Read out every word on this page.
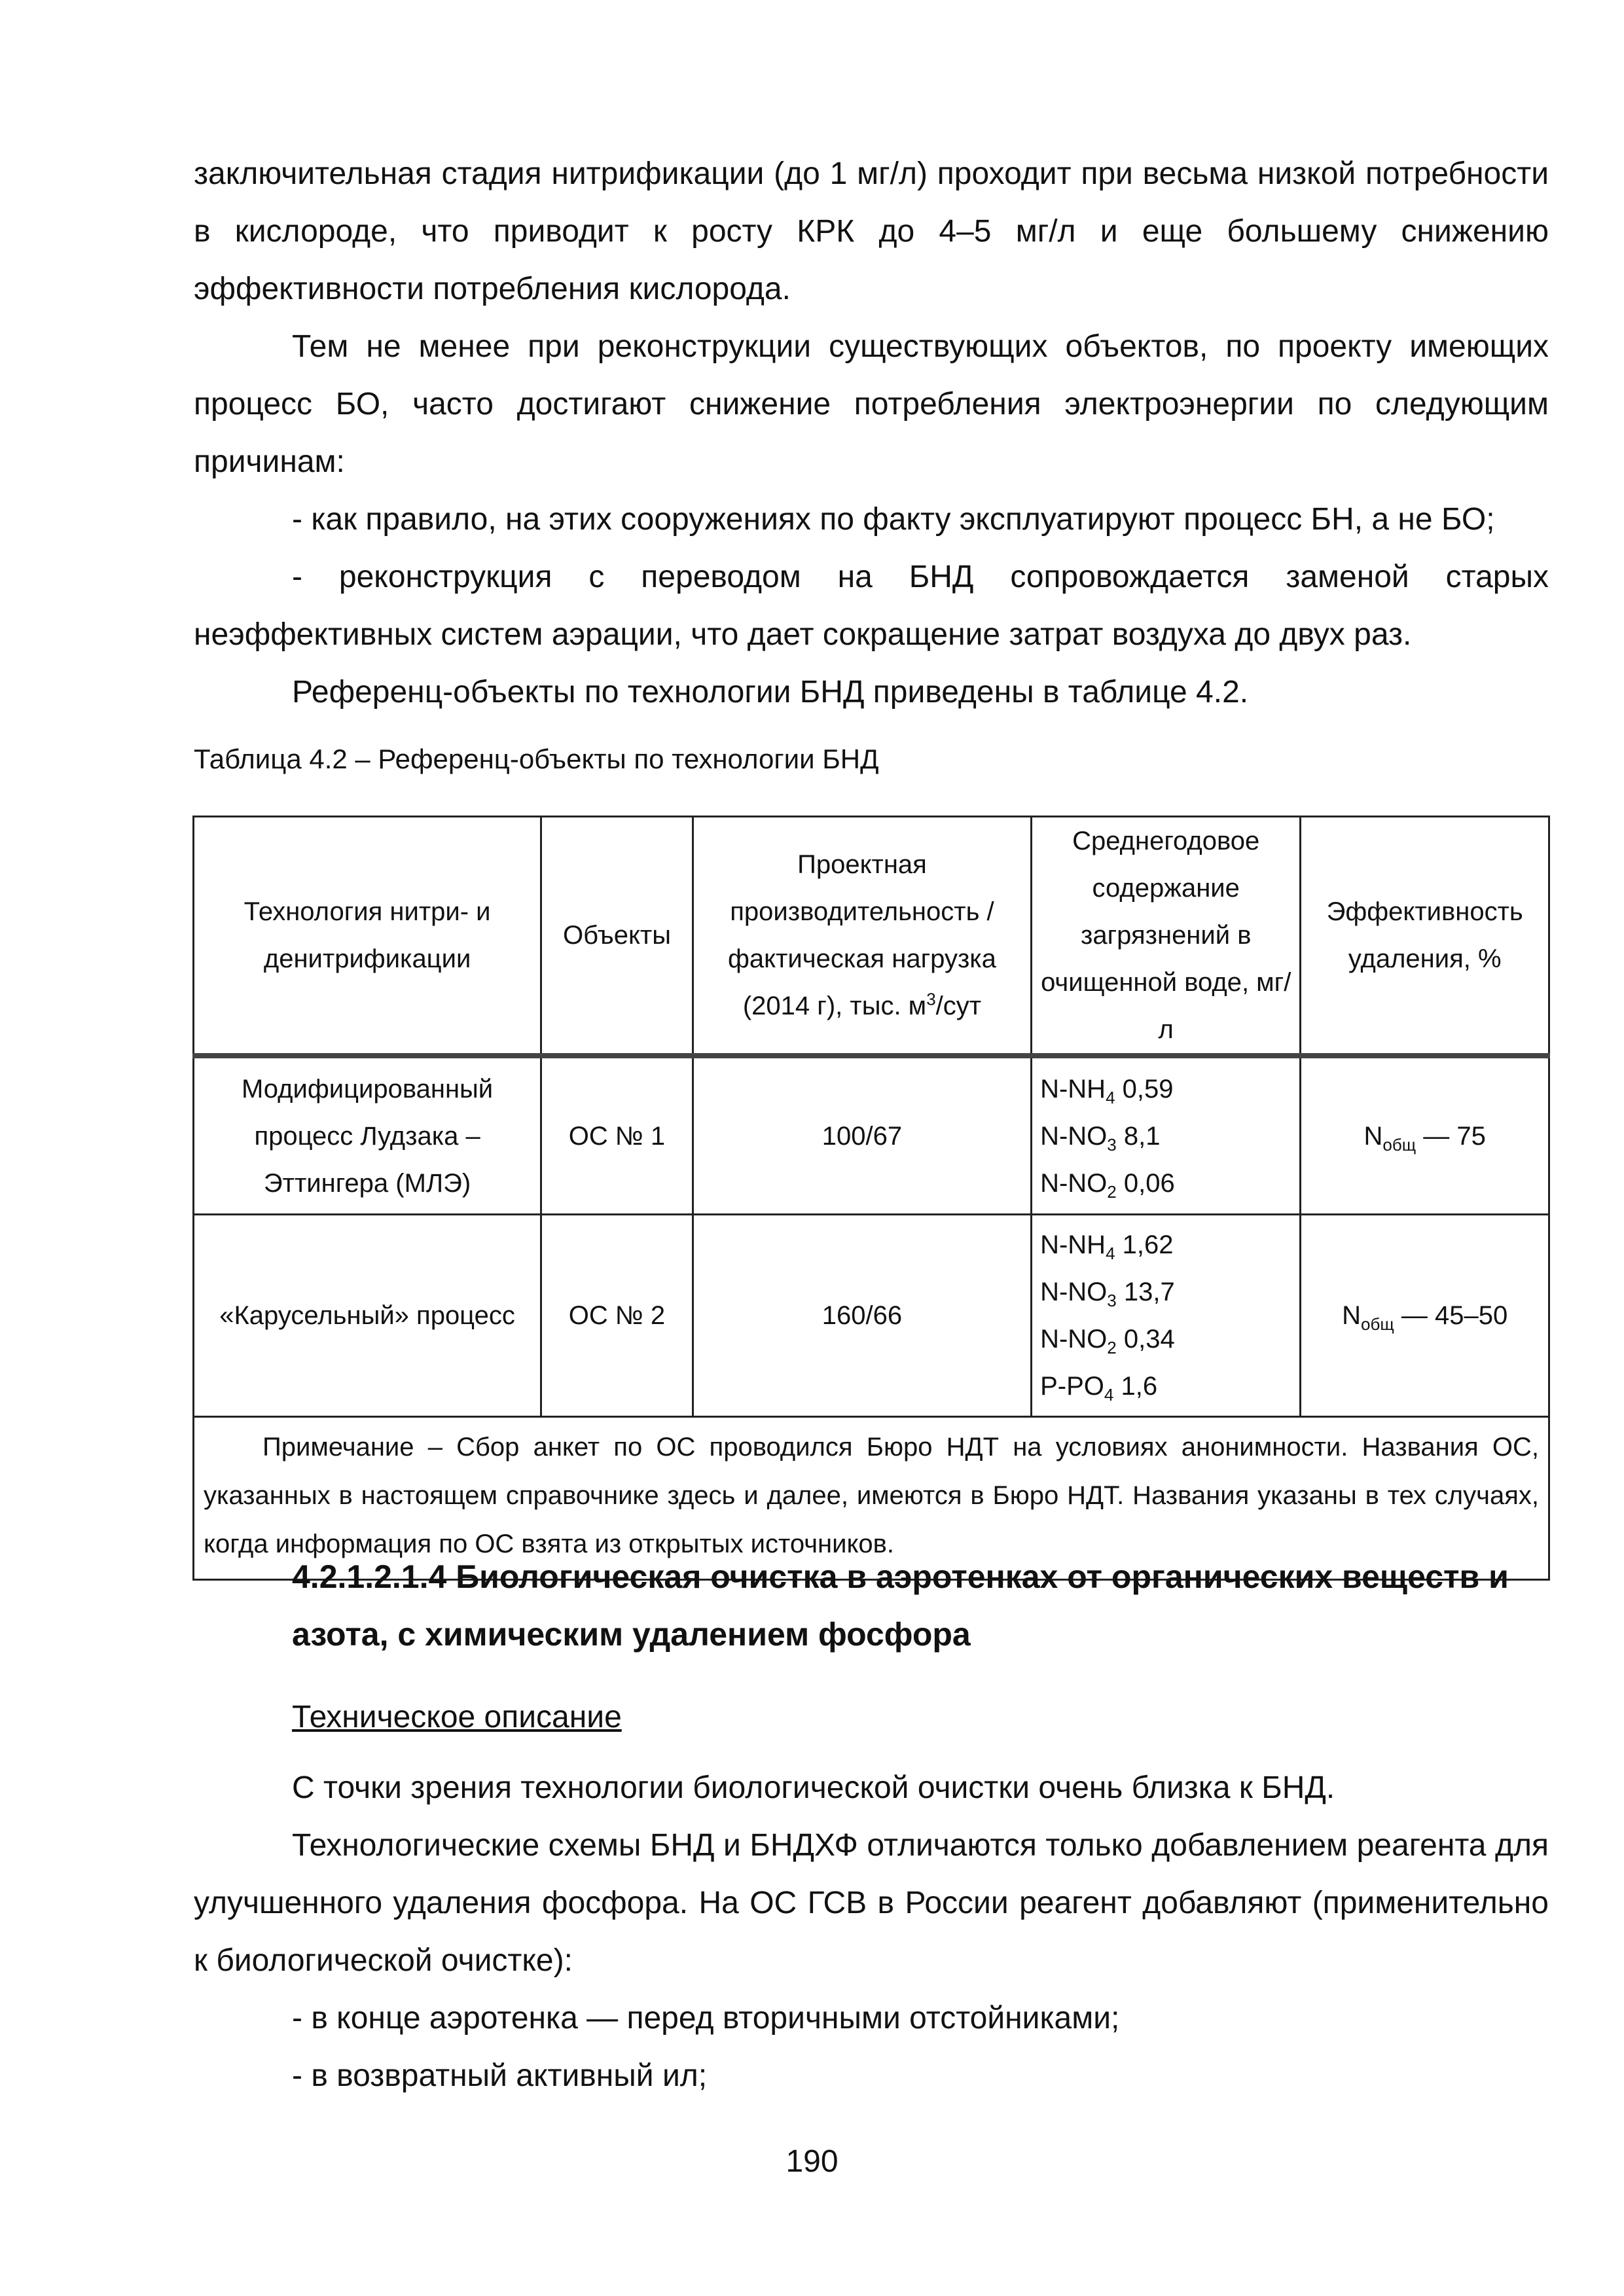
заключительная стадия нитрификации (до 1 мг/л) проходит при весьма низкой потребности в кислороде, что приводит к росту КРК до 4–5 мг/л и еще большему снижению эффективности потребления кислорода.

Тем не менее при реконструкции существующих объектов, по проекту имеющих процесс БО, часто достигают снижение потребления электроэнергии по следующим причинам:

- как правило, на этих сооружениях по факту эксплуатируют процесс БН, а не БО;

- реконструкция с переводом на БНД сопровождается заменой старых неэффективных систем аэрации, что дает сокращение затрат воздуха до двух раз.

Референц-объекты по технологии БНД приведены в таблице 4.2.

Таблица 4.2 – Референц-объекты по технологии БНД
Технология нитри- и денитрификации	Объекты	Проектная производительность / фактическая нагрузка (2014 г), тыс. $м^3$/сут	Среднегодовое содержание загрязнений в очищенной воде, мг/л	Эффективность удаления, %
Модифицированный процесс Лудзака –Эттингера (МЛЭ)	ОС № 1	100/67	$N-NH_4$ 0,59
$N-NO_3$ 8,1
$N-NO_2$ 0,06	$N_{общ}$ — 75
«Карусельный» процесс	ОС № 2	160/66	$N-NH_4$ 1,62
$N-NO_3$ 13,7
$N-NO_2$ 0,34
$P-PO_4$ 1,6	$N_{общ}$ — 45–50
Примечание – Сбор анкет по ОС проводился Бюро НДТ на условиях анонимности. Названия ОС, указанных в настоящем справочнике здесь и далее, имеются в Бюро НДТ. Названия указаны в тех случаях, когда информация по ОС взята из открытых источников.				

4.2.1.2.1.4 Биологическая очистка в аэротенках от органических веществ и азота, с химическим удалением фосфора

Техническое описание

С точки зрения технологии биологической очистки очень близка к БНД.

Технологические схемы БНД и БНДХФ отличаются только добавлением реагента для улучшенного удаления фосфора. На ОС ГСВ в России реагент добавляют (применительно к биологической очистке):

- в конце аэротенка — перед вторичными отстойниками;

- в возвратный активный ил;

190
